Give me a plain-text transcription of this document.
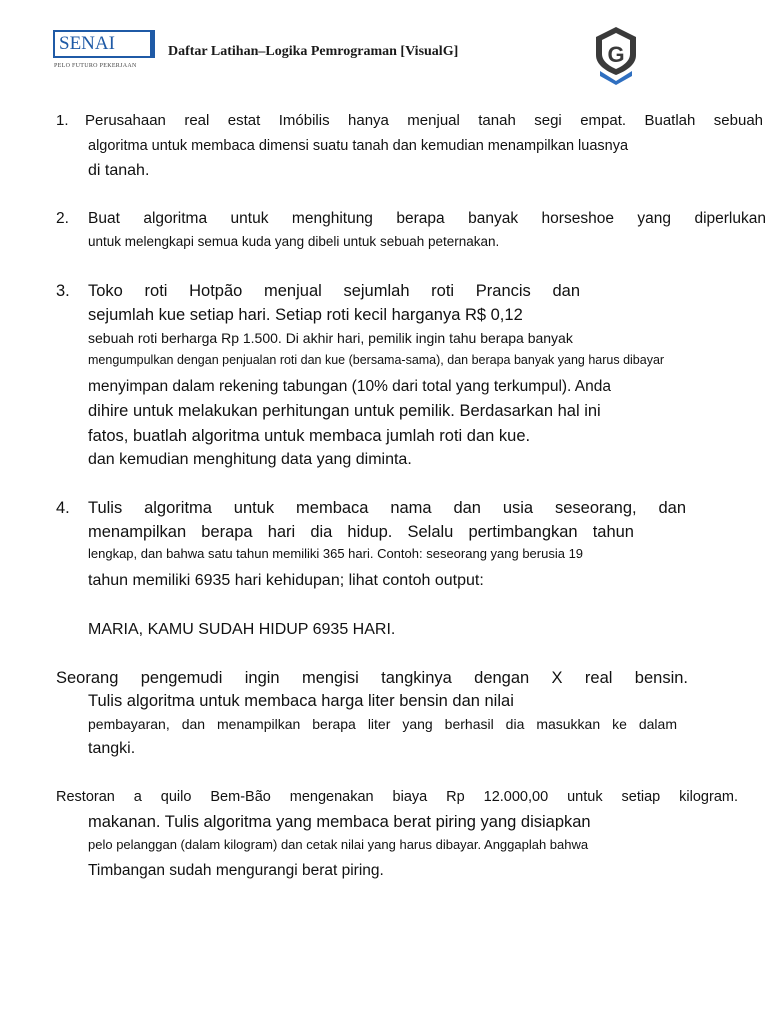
SENAI
PELO FUTURO PEKERJAAN
Daftar Latihan–Logika Pemrograman [VisualG]	G
1. Perusahaan real estat Imóbilis hanya menjual tanah segi empat. Buatlah sebuah
algoritma untuk membaca dimensi suatu tanah dan kemudian menampilkan luasnya
di tanah.
2. Buat algoritma untuk menghitung berapa banyak horseshoe yang diperlukan
untuk melengkapi semua kuda yang dibeli untuk sebuah peternakan.
3. Toko roti Hotpão menjual sejumlah roti Prancis dan
sejumlah kue setiap hari. Setiap roti kecil harganya R$ 0,12
sebuah roti berharga Rp 1.500. Di akhir hari, pemilik ingin tahu berapa banyak
mengumpulkan dengan penjualan roti dan kue (bersama-sama), dan berapa banyak yang harus dibayar
menyimpan dalam rekening tabungan (10% dari total yang terkumpul). Anda
dihire untuk melakukan perhitungan untuk pemilik. Berdasarkan hal ini
fatos, buatlah algoritma untuk membaca jumlah roti dan kue.
dan kemudian menghitung data yang diminta.
4. Tulis algoritma untuk membaca nama dan usia seseorang, dan
menampilkan berapa hari dia hidup. Selalu pertimbangkan tahun
lengkap, dan bahwa satu tahun memiliki 365 hari. Contoh: seseorang yang berusia 19
tahun memiliki 6935 hari kehidupan; lihat contoh output:
MARIA, KAMU SUDAH HIDUP 6935 HARI.
Seorang pengemudi ingin mengisi tangkinya dengan X real bensin.
Tulis algoritma untuk membaca harga liter bensin dan nilai
pembayaran, dan menampilkan berapa liter yang berhasil dia masukkan ke dalam
tangki.
Restoran a quilo Bem-Bão mengenakan biaya Rp 12.000,00 untuk setiap kilogram.
makanan. Tulis algoritma yang membaca berat piring yang disiapkan
pelo pelanggan (dalam kilogram) dan cetak nilai yang harus dibayar. Anggaplah bahwa
Timbangan sudah mengurangi berat piring.
